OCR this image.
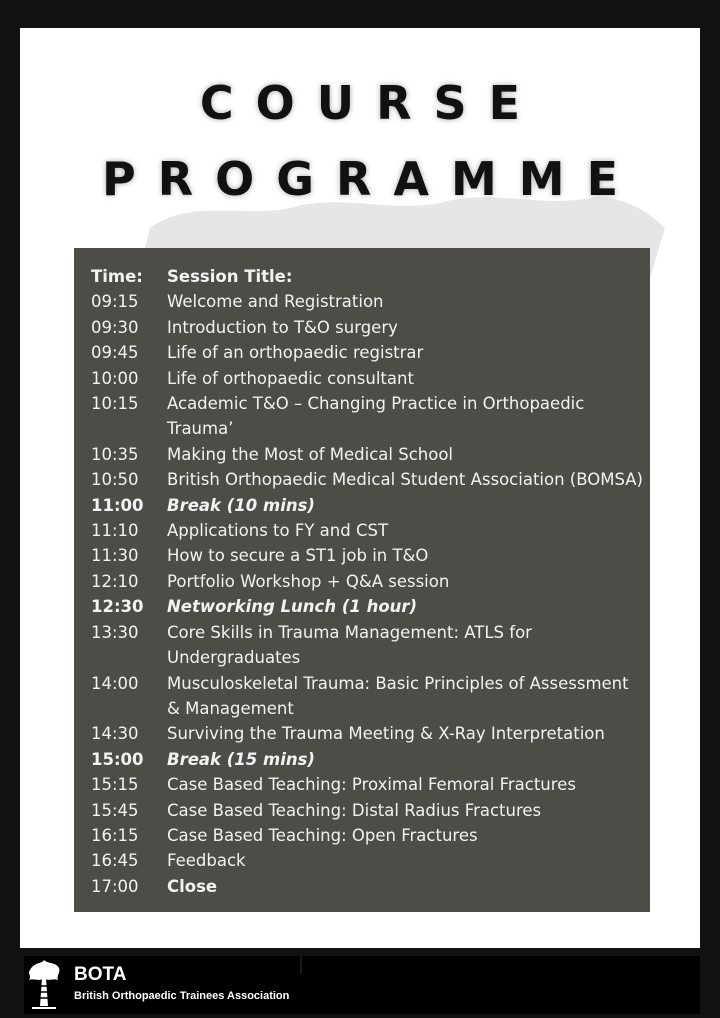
COURSE
PROGRAMME
Time:	Session Title:
09:15	Welcome and Registration
09:30	Introduction to T&O surgery
09:45	Life of an orthopaedic registrar
10:00	Life of orthopaedic consultant
10:15	Academic T&O – Changing Practice in Orthopaedic Trauma’
10:35	Making the Most of Medical School
10:50	British Orthopaedic Medical Student Association (BOMSA)
11:00	Break (10 mins)
11:10	Applications to FY and CST
11:30	How to secure a ST1 job in T&O
12:10	Portfolio Workshop + Q&A session
12:30	Networking Lunch (1 hour)
13:30	Core Skills in Trauma Management: ATLS for Undergraduates
14:00	Musculoskeletal Trauma: Basic Principles of Assessment & Management
14:30	Surviving the Trauma Meeting & X-Ray Interpretation
15:00	Break (15 mins)
15:15	Case Based Teaching: Proximal Femoral Fractures
15:45	Case Based Teaching: Distal Radius Fractures
16:15	Case Based Teaching: Open Fractures
16:45	Feedback
17:00	Close
BOTA
British Orthopaedic Trainees Association
